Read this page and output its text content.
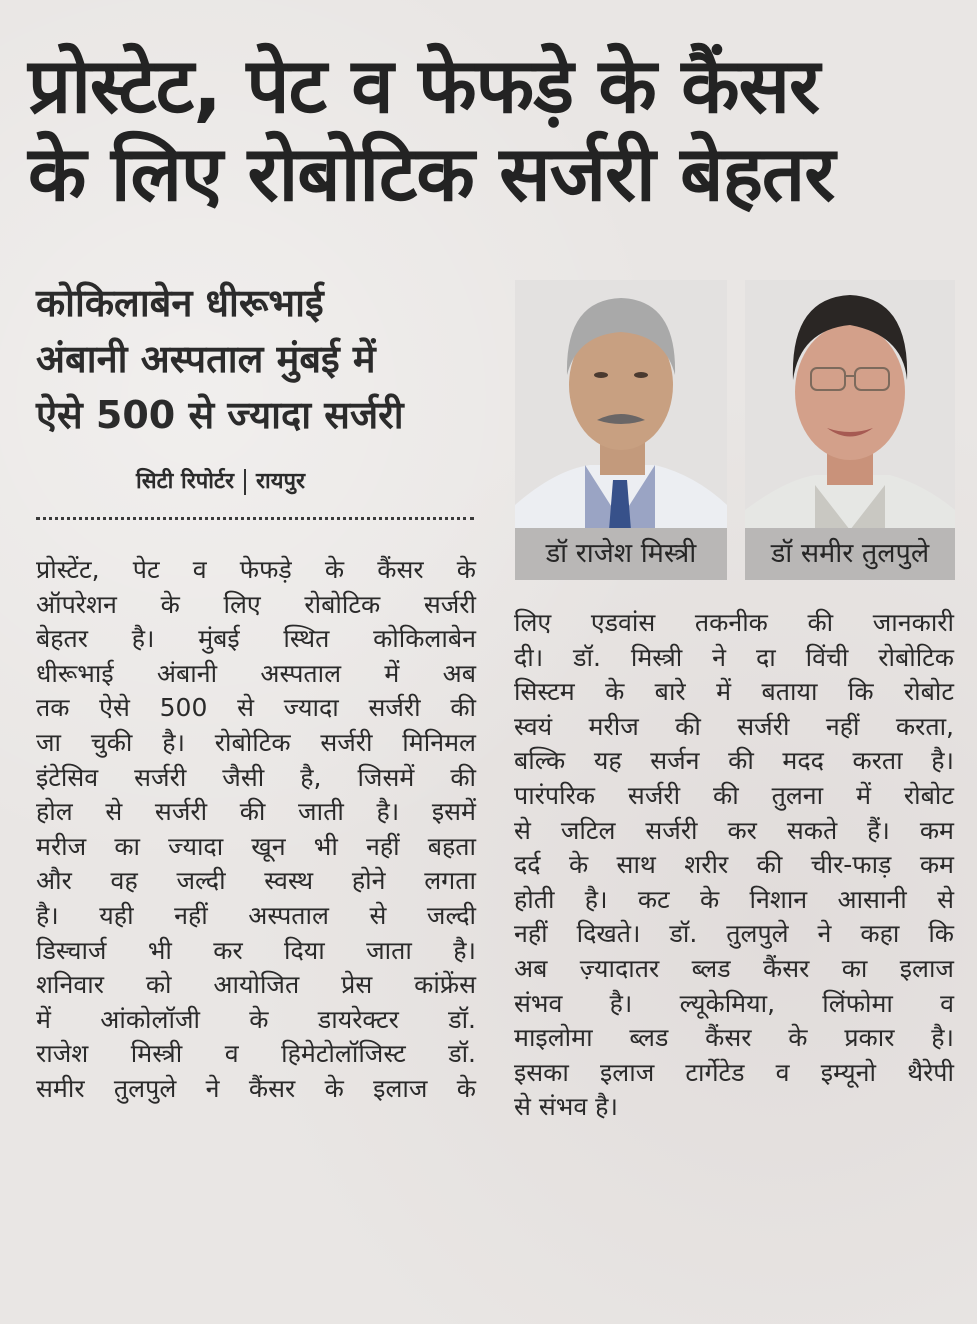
प्रोस्टेट, पेट व फेफड़े के कैंसर
के लिए रोबोटिक सर्जरी बेहतर
कोकिलाबेन धीरूभाई
अंबानी अस्पताल मुंबई में
ऐसे 500 से ज्यादा सर्जरी
सिटी रिपोर्टर रायपुर
डॉ राजेश मिस्त्री	डॉ समीर तुलपुले
प्रोस्टेंट, पेट व फेफड़े के कैंसर के
ऑपरेशन के लिए रोबोटिक सर्जरी
बेहतर है। मुंबई स्थित कोकिलाबेन
धीरूभाई अंबानी अस्पताल में अब
तक ऐसे 500 से ज्यादा सर्जरी की
जा चुकी है। रोबोटिक सर्जरी मिनिमल
इंटेसिव सर्जरी जैसी है, जिसमें की
होल से सर्जरी की जाती है। इसमें
मरीज का ज्यादा खून भी नहीं बहता
और वह जल्दी स्वस्थ होने लगता
है। यही नहीं अस्पताल से जल्दी
डिस्चार्ज भी कर दिया जाता है।
शनिवार को आयोजित प्रेस कांफ्रेंस
में आंकोलॉजी के डायरेक्टर डॉ.
राजेश मिस्त्री व हिमेटोलॉजिस्ट डॉ.
समीर तुलपुले ने कैंसर के इलाज के
लिए एडवांस तकनीक की जानकारी
दी। डॉ. मिस्त्री ने दा विंची रोबोटिक
सिस्टम के बारे में बताया कि रोबोट
स्वयं मरीज की सर्जरी नहीं करता,
बल्कि यह सर्जन की मदद करता है।
पारंपरिक सर्जरी की तुलना में रोबोट
से जटिल सर्जरी कर सकते हैं। कम
दर्द के साथ शरीर की चीर-फाड़ कम
होती है। कट के निशान आसानी से
नहीं दिखते। डॉ. तुलपुले ने कहा कि
अब ज़्यादातर ब्लड कैंसर का इलाज
संभव है। ल्यूकेमिया, लिंफोमा व
माइलोमा ब्लड कैंसर के प्रकार है।
इसका इलाज टार्गेटेड व इम्यूनो थैरेपी
से संभव है।
